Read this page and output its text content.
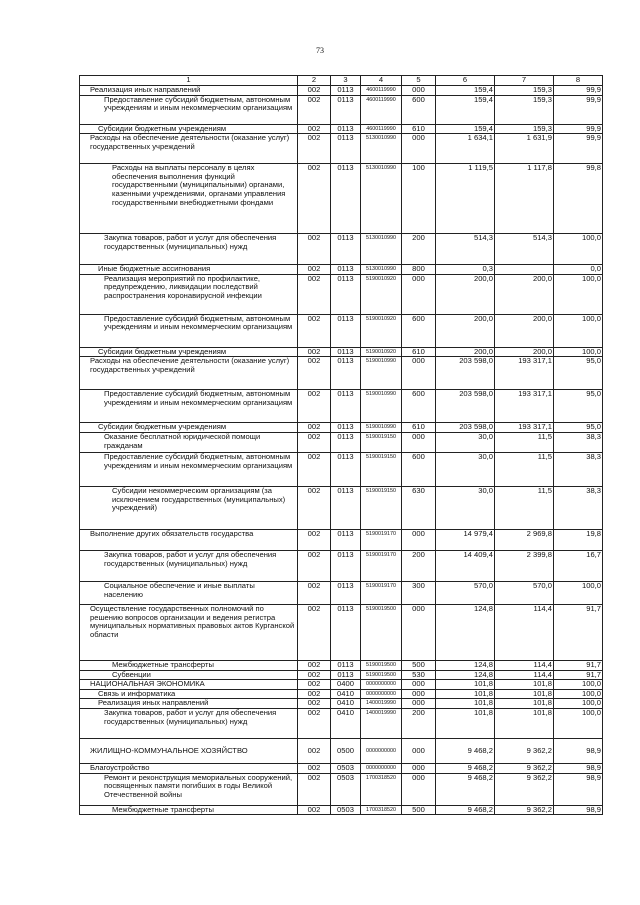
73
1	2	3	4	5	6	7	8
Реализация иных направлений	002	0113	4600119990	000	159,4	159,3	99,9
Предоставление субсидий бюджетным, автономным учреждениям и иным некоммерческим организациям	002	0113	4600119990	600	159,4	159,3	99,9
Субсидии бюджетным учреждениям	002	0113	4600119990	610	159,4	159,3	99,9
Расходы на обеспечение деятельности (оказание услуг) государственных учреждений	002	0113	5130010990	000	1 634,1	1 631,9	99,9
Расходы на выплаты персоналу в целях обеспечения выполнения функций государственными (муниципальными) органами, казенными учреждениями, органами управления государственными внебюджетными фондами	002	0113	5130010990	100	1 119,5	1 117,8	99,8
Закупка товаров, работ и услуг для обеспечения государственных (муниципальных) нужд	002	0113	5130010990	200	514,3	514,3	100,0
Иные бюджетные ассигнования	002	0113	5130010990	800	0,3		0,0
Реализация мероприятий по профилактике, предупреждению, ликвидации последствий распространения коронавирусной инфекции	002	0113	5190010920	000	200,0	200,0	100,0
Предоставление субсидий бюджетным, автономным учреждениям и иным некоммерческим организациям	002	0113	5190010920	600	200,0	200,0	100,0
Субсидии бюджетным учреждениям	002	0113	5190010920	610	200,0	200,0	100,0
Расходы на обеспечение деятельности (оказание услуг) государственных учреждений	002	0113	5190010990	000	203 598,0	193 317,1	95,0
Предоставление субсидий бюджетным, автономным учреждениям и иным некоммерческим организациям	002	0113	5190010990	600	203 598,0	193 317,1	95,0
Субсидии бюджетным учреждениям	002	0113	5190010990	610	203 598,0	193 317,1	95,0
Оказание бесплатной юридической помощи гражданам	002	0113	5190019150	000	30,0	11,5	38,3
Предоставление субсидий бюджетным, автономным учреждениям и иным некоммерческим организациям	002	0113	5190019150	600	30,0	11,5	38,3
Субсидии некоммерческим организациям (за исключением государственных (муниципальных) учреждений)	002	0113	5190019150	630	30,0	11,5	38,3
Выполнение других обязательств государства	002	0113	5190019170	000	14 979,4	2 969,8	19,8
Закупка товаров, работ и услуг для обеспечения государственных (муниципальных) нужд	002	0113	5190019170	200	14 409,4	2 399,8	16,7
Социальное обеспечение и иные выплаты населению	002	0113	5190019170	300	570,0	570,0	100,0
Осуществление государственных полномочий по решению вопросов организации и ведения регистра муниципальных нормативных правовых актов Курганской области	002	0113	5190019500	000	124,8	114,4	91,7
Межбюджетные трансферты	002	0113	5190019500	500	124,8	114,4	91,7
Субвенции	002	0113	5190019500	530	124,8	114,4	91,7
НАЦИОНАЛЬНАЯ ЭКОНОМИКА	002	0400	0000000000	000	101,8	101,8	100,0
Связь и информатика	002	0410	0000000000	000	101,8	101,8	100,0
Реализация иных направлений	002	0410	1400019990	000	101,8	101,8	100,0
Закупка товаров, работ и услуг для обеспечения государственных (муниципальных) нужд	002	0410	1400019990	200	101,8	101,8	100,0
ЖИЛИЩНО-КОММУНАЛЬНОЕ ХОЗЯЙСТВО	002	0500	0000000000	000	9 468,2	9 362,2	98,9
Благоустройство	002	0503	0000000000	000	9 468,2	9 362,2	98,9
Ремонт и реконструкция мемориальных сооружений, посвященных памяти погибших в годы Великой Отечественной войны	002	0503	1700318520	000	9 468,2	9 362,2	98,9
Межбюджетные трансферты	002	0503	1700318520	500	9 468,2	9 362,2	98,9
